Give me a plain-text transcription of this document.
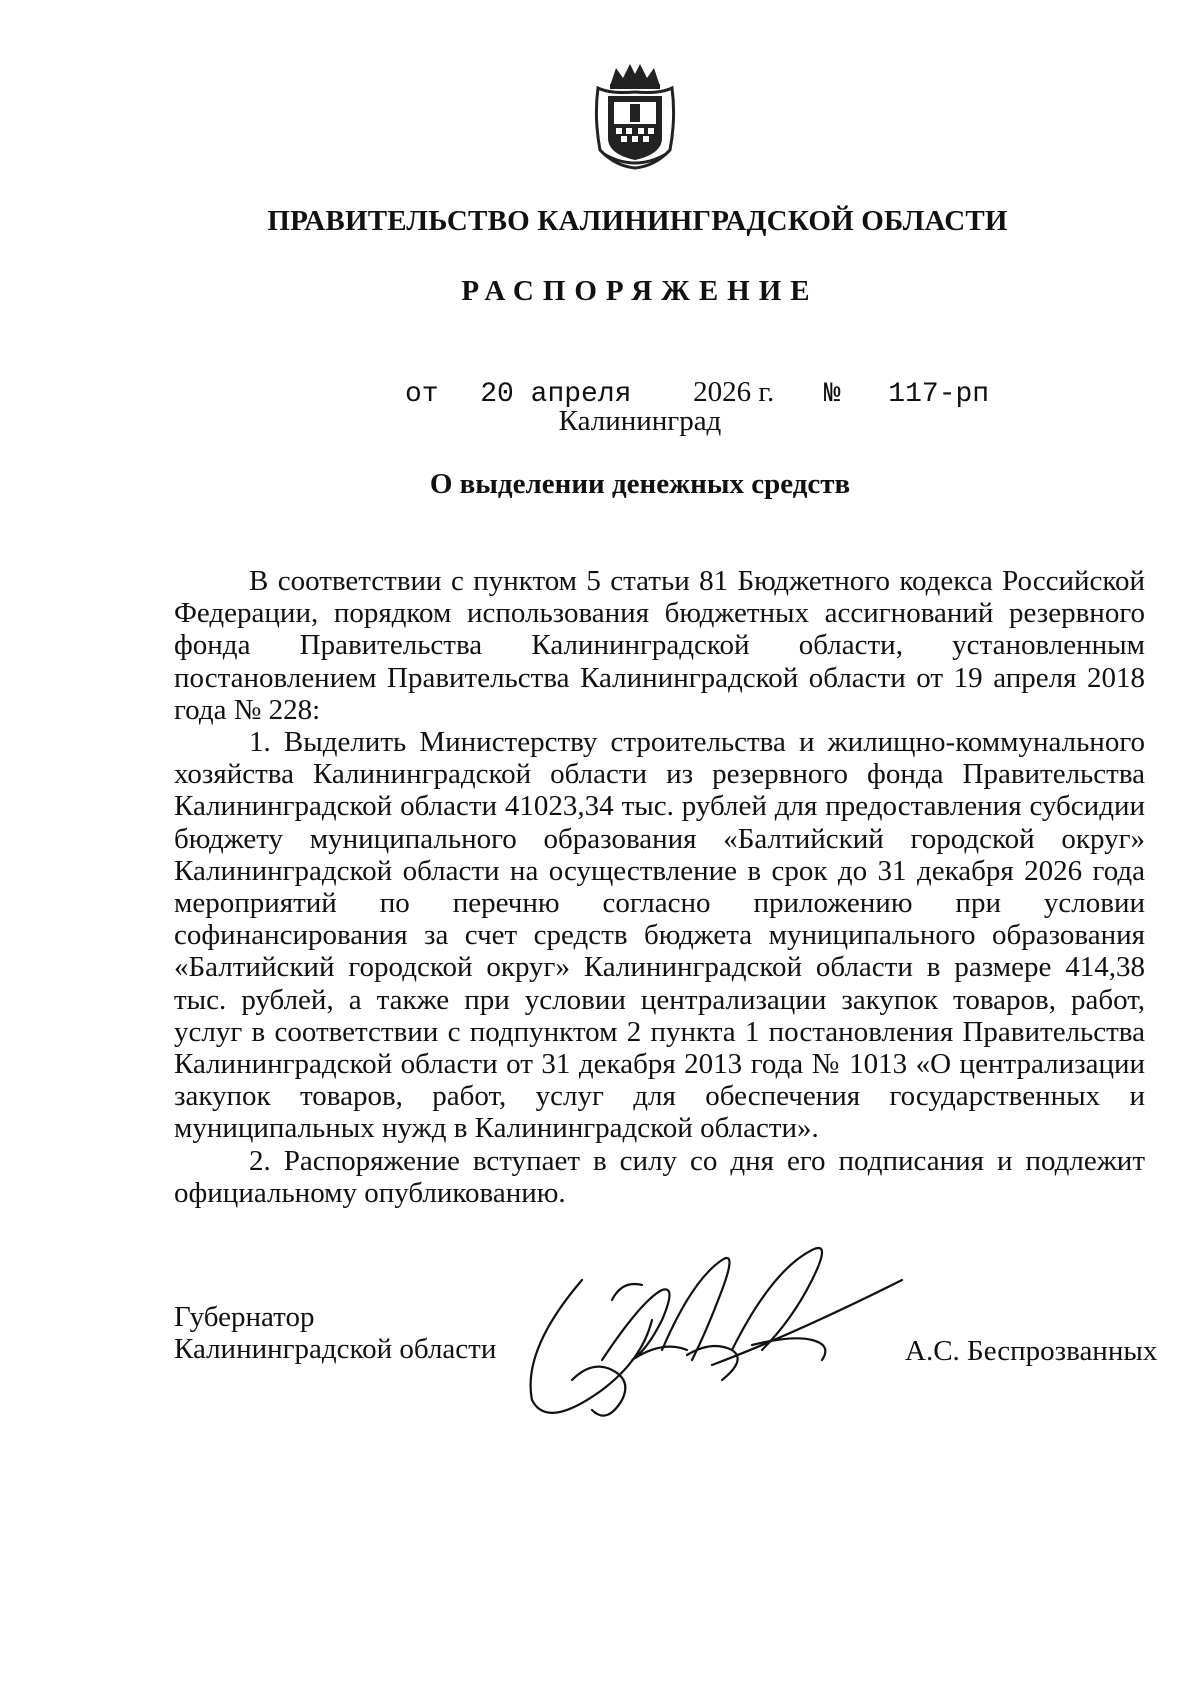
ПРАВИТЕЛЬСТВО КАЛИНИНГРАДСКОЙ ОБЛАСТИ
РАСПОРЯЖЕНИЕ
от 20 апреля 2026 г. № 117-рп
Калининград
О выделении денежных средств

В соответствии с пунктом 5 статьи 81 Бюджетного кодекса Российской Федерации, порядком использования бюджетных ассигнований резервного фонда Правительства Калининградской области, установленным постановлением Правительства Калининградской области от 19 апреля 2018 года № 228:

1. Выделить Министерству строительства и жилищно-коммунального хозяйства Калининградской области из резервного фонда Правительства Калининградской области 41023,34 тыс. рублей для предоставления субсидии бюджету муниципального образования «Балтийский городской округ» Калининградской области на осуществление в срок до 31 декабря 2026 года мероприятий по перечню согласно приложению при условии софинансирования за счет средств бюджета муниципального образования «Балтийский городской округ» Калининградской области в размере 414,38 тыс. рублей, а также при условии централизации закупок товаров, работ, услуг в соответствии с подпунктом 2 пункта 1 постановления Правительства Калининградской области от 31 декабря 2013 года № 1013 «О централизации закупок товаров, работ, услуг для обеспечения государственных и муниципальных нужд в Калининградской области».

2. Распоряжение вступает в силу со дня его подписания и подлежит официальному опубликованию.

Губернатор
Калининградской области	А.С. Беспрозванных
